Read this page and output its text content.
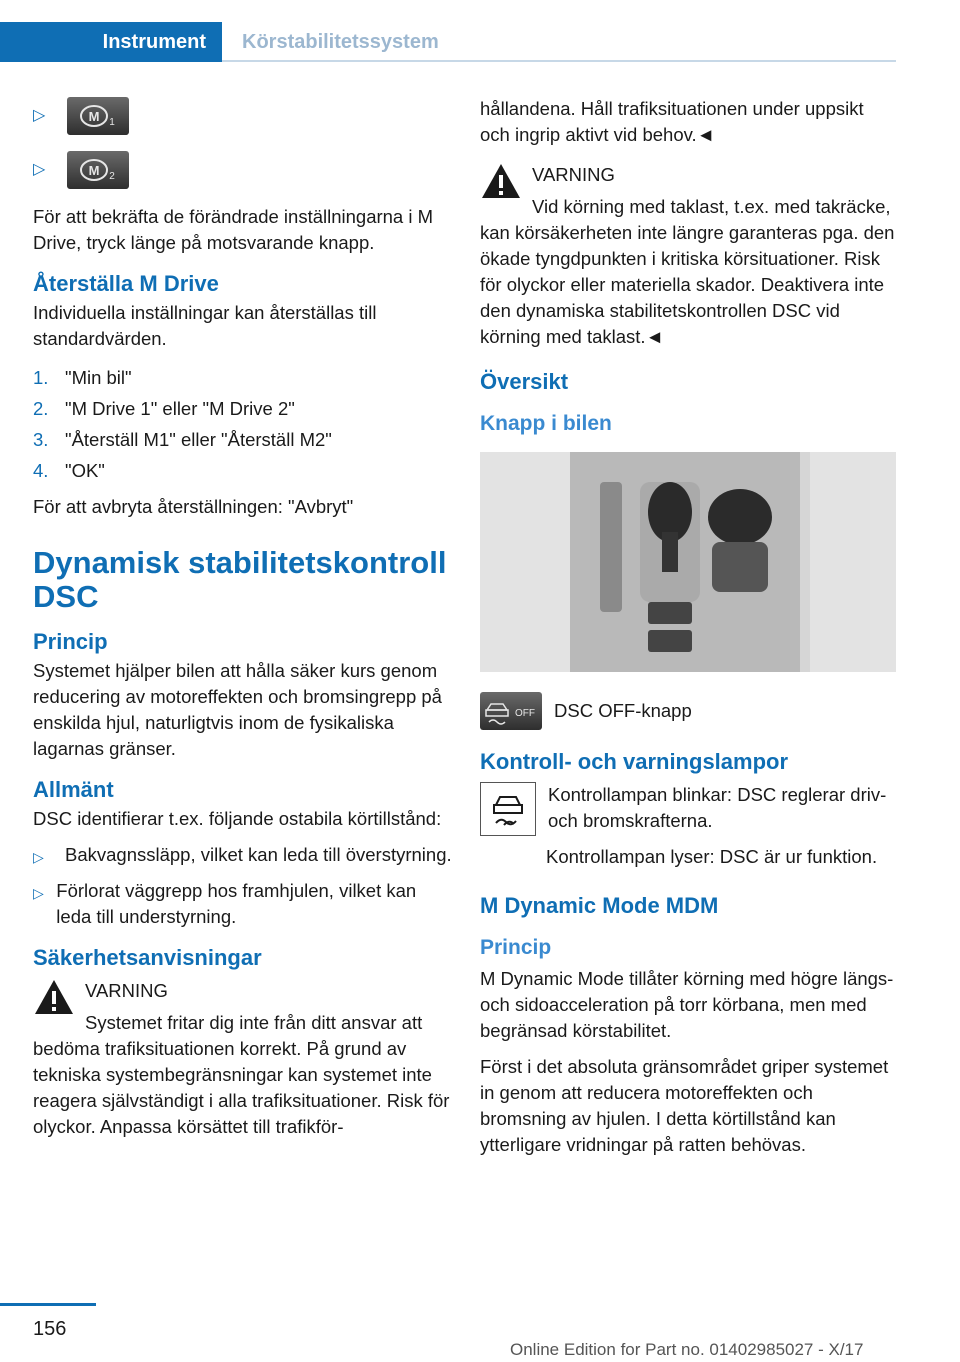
Instrument	Körstabilitetssystem
▷	M 1
▷	M 2

För att bekräfta de förändrade inställningarna i M Drive, tryck länge på motsvarande knapp.

Återställa M Drive

Individuella inställningar kan återställas till standardvärden.

1. "Min bil"
2. "M Drive 1" eller "M Drive 2"
3. "Återställ M1" eller "Återställ M2"
4. "OK"

För att avbryta återställningen: "Avbryt"

Dynamisk stabilitetskontroll DSC
Princip

Systemet hjälper bilen att hålla säker kurs genom reducering av motoreffekten och bromsingrepp på enskilda hjul, naturligtvis inom de fysikaliska lagarnas gränser.

Allmänt

DSC identifierar t.ex. följande ostabila körtillstånd:

▷	Bakvagnssläpp, vilket kan leda till överstyrning.
▷ Förlorat väggrepp hos framhjulen, vilket kan leda till understyrning.
Säkerhetsanvisningar
VARNING

Systemet fritar dig inte från ditt ansvar att bedöma trafiksituationen korrekt. På grund av tekniska systembegränsningar kan systemet inte reagera självständigt i alla trafiksituationer. Risk för olyckor. Anpassa körsättet till trafikför-

hållandena. Håll trafiksituationen under uppsikt och ingrip aktivt vid behov.◄

VARNING

Vid körning med taklast, t.ex. med takräcke, kan körsäkerheten inte längre garanteras pga. den ökade tyngdpunkten i kritiska körsituationer. Risk för olyckor eller materiella skador. Deaktivera inte den dynamiska stabilitetskontrollen DSC vid körning med taklast.◄

Översikt
Knapp i bilen
OFF DSC OFF-knapp
Kontroll- och varningslampor

Kontrollampan blinkar: DSC reglerar driv- och bromskrafterna.

Kontrollampan lyser: DSC är ur funktion.

M Dynamic Mode MDM
Princip

M Dynamic Mode tillåter körning med högre längs- och sidoacceleration på torr körbana, men med begränsad körstabilitet.

Först i det absoluta gränsområdet griper systemet in genom att reducera motoreffekten och bromsning av hjulen. I detta körtillstånd kan ytterligare vridningar på ratten behövas.

156
Online Edition for Part no. 01402985027 - X/17
